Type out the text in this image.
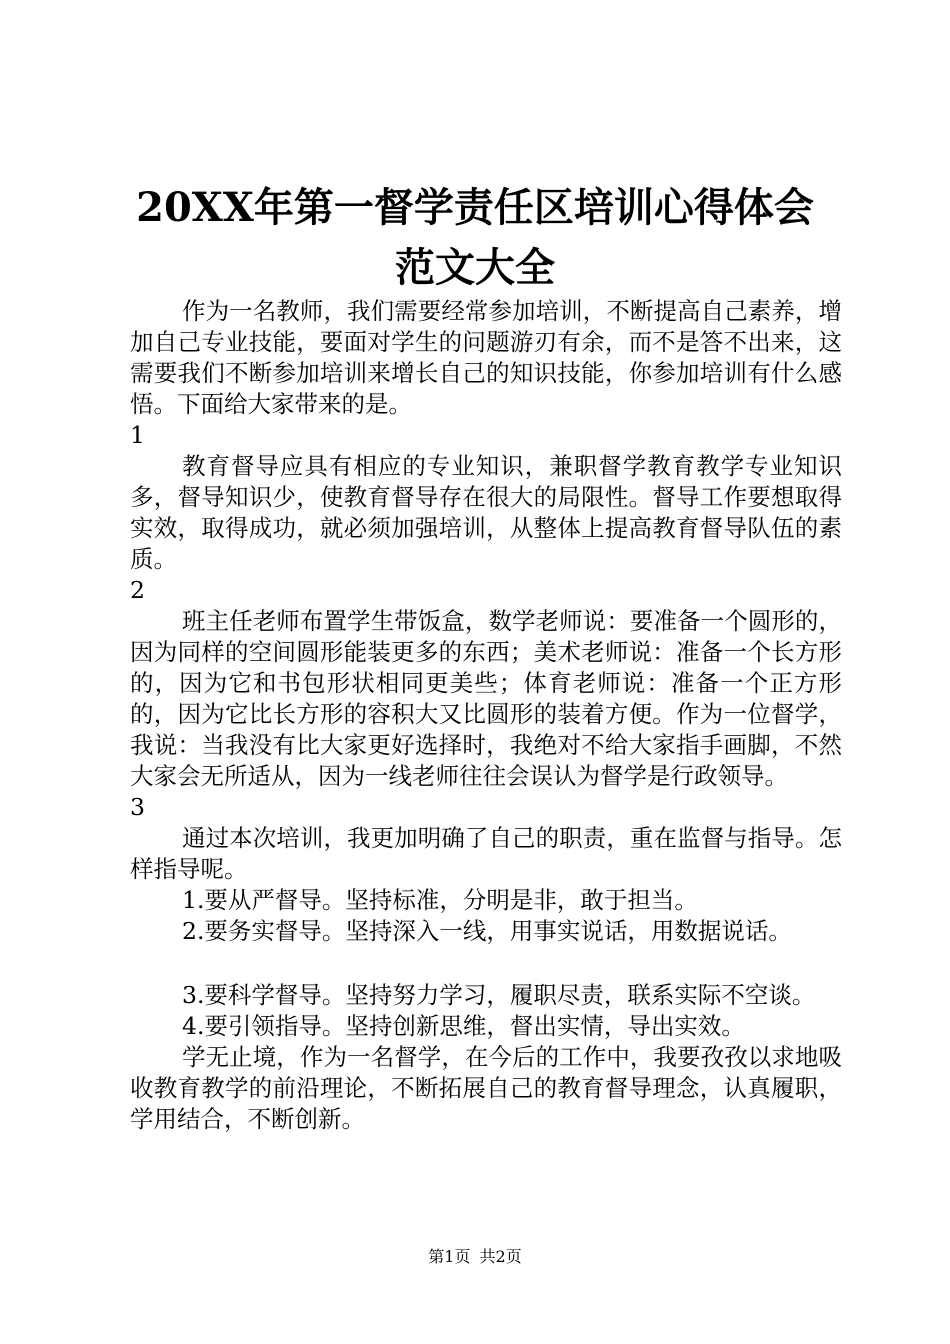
20XX年第一督学责任区培训心得体会范文大全

作为一名教师，我们需要经常参加培训，不断提高自己素养，增加自己专业技能，要面对学生的问题游刃有余，而不是答不出来，这需要我们不断参加培训来增长自己的知识技能，你参加培训有什么感悟。下面给大家带来的是。

1

教育督导应具有相应的专业知识，兼职督学教育教学专业知识多，督导知识少，使教育督导存在很大的局限性。督导工作要想取得实效，取得成功，就必须加强培训，从整体上提高教育督导队伍的素质。

2

班主任老师布置学生带饭盒，数学老师说：要准备一个圆形的，因为同样的空间圆形能装更多的东西；美术老师说：准备一个长方形的，因为它和书包形状相同更美些；体育老师说：准备一个正方形的，因为它比长方形的容积大又比圆形的装着方便。作为一位督学，我说：当我没有比大家更好选择时，我绝对不给大家指手画脚，不然大家会无所适从，因为一线老师往往会误认为督学是行政领导。

3

通过本次培训，我更加明确了自己的职责，重在监督与指导。怎样指导呢。

1.要从严督导。坚持标准，分明是非，敢于担当。

2.要务实督导。坚持深入一线，用事实说话，用数据说话。

3.要科学督导。坚持努力学习，履职尽责，联系实际不空谈。

4.要引领指导。坚持创新思维，督出实情，导出实效。

学无止境，作为一名督学，在今后的工作中，我要孜孜以求地吸收教育教学的前沿理论，不断拓展自己的教育督导理念，认真履职，学用结合，不断创新。

第1页 共2页
